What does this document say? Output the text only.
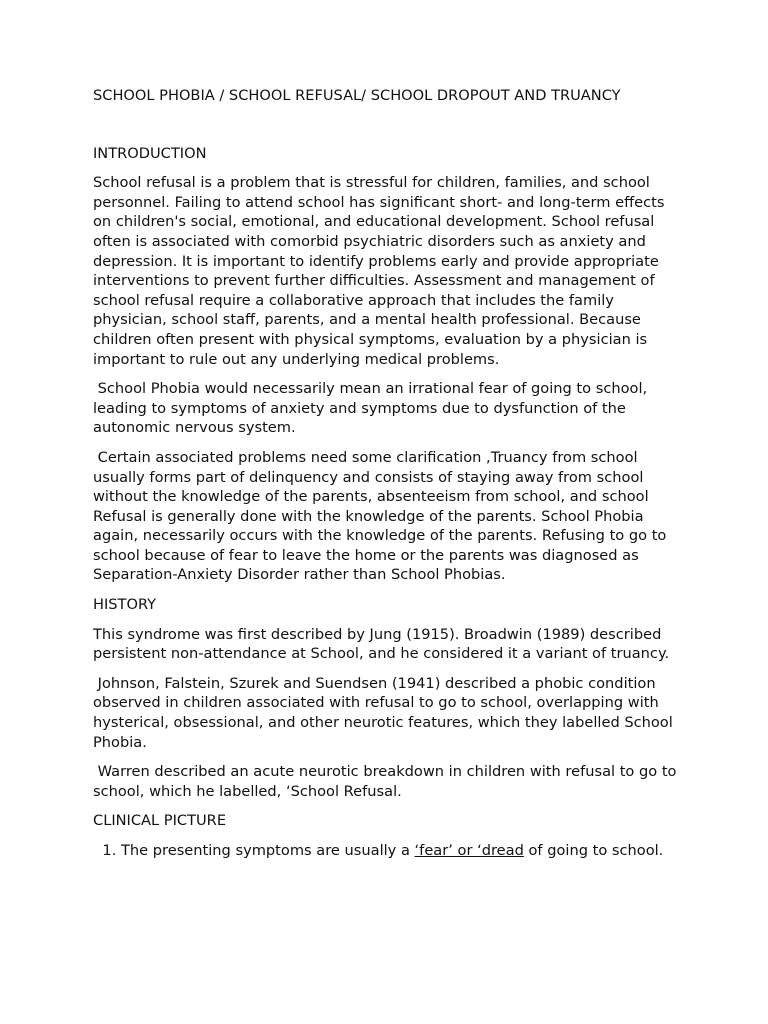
SCHOOL PHOBIA / SCHOOL REFUSAL/ SCHOOL DROPOUT AND TRUANCY

INTRODUCTION

School refusal is a problem that is stressful for children, families, and school personnel. Failing to attend school has significant short- and long-term effects on children's social, emotional, and educational development. School refusal often is associated with comorbid psychiatric disorders such as anxiety and depression. It is important to identify problems early and provide appropriate interventions to prevent further difficulties. Assessment and management of school refusal require a collaborative approach that includes the family physician, school staff, parents, and a mental health professional. Because children often present with physical symptoms, evaluation by a physician is important to rule out any underlying medical problems.

School Phobia would necessarily mean an irrational fear of going to school, leading to symptoms of anxiety and symptoms due to dysfunction of the autonomic nervous system.

Certain associated problems need some clarification ,Truancy from school usually forms part of delinquency and consists of staying away from school without the knowledge of the parents, absenteeism from school, and school Refusal is generally done with the knowledge of the parents. School Phobia again, necessarily occurs with the knowledge of the parents. Refusing to go to school because of fear to leave the home or the parents was diagnosed as Separation-Anxiety Disorder rather than School Phobias.

HISTORY

This syndrome was first described by Jung (1915). Broadwin (1989) described persistent non-attendance at School, and he considered it a variant of truancy.

Johnson, Falstein, Szurek and Suendsen (1941) described a phobic condition observed in children associated with refusal to go to school, overlapping with hysterical, obsessional, and other neurotic features, which they labelled School Phobia.

Warren described an acute neurotic breakdown in children with refusal to go to school, which he labelled, ‘School Refusal.

CLINICAL PICTURE

1. The presenting symptoms are usually a ‘fear’ or ‘dread of going to school.
